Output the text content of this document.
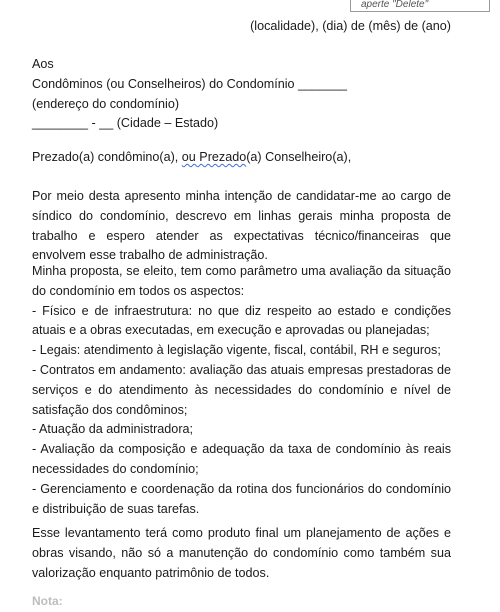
aperte "Delete"
(localidade), (dia) de (mês) de (ano)
Aos
Condôminos (ou Conselheiros) do Condomínio _______
(endereço do condomínio)
________ - __ (Cidade – Estado)
Prezado(a) condômino(a), ou Prezado(a) Conselheiro(a),
Por meio desta apresento minha intenção de candidatar-me ao cargo de síndico do condomínio, descrevo em linhas gerais minha proposta de trabalho e espero atender as expectativas técnico/financeiras que envolvem esse trabalho de administração.
Minha proposta, se eleito, tem como parâmetro uma avaliação da situação do condomínio em todos os aspectos:
- Físico e de infraestrutura: no que diz respeito ao estado e condições atuais e a obras executadas, em execução e aprovadas ou planejadas;
- Legais: atendimento à legislação vigente, fiscal, contábil, RH e seguros;
- Contratos em andamento: avaliação das atuais empresas prestadoras de serviços e do atendimento às necessidades do condomínio e nível de satisfação dos condôminos;
- Atuação da administradora;
- Avaliação da composição e adequação da taxa de condomínio às reais necessidades do condomínio;
- Gerenciamento e coordenação da rotina dos funcionários do condomínio e distribuição de suas tarefas.
Esse levantamento terá como produto final um planejamento de ações e obras visando, não só a manutenção do condomínio como também sua valorização enquanto patrimônio de todos.
Nota:
